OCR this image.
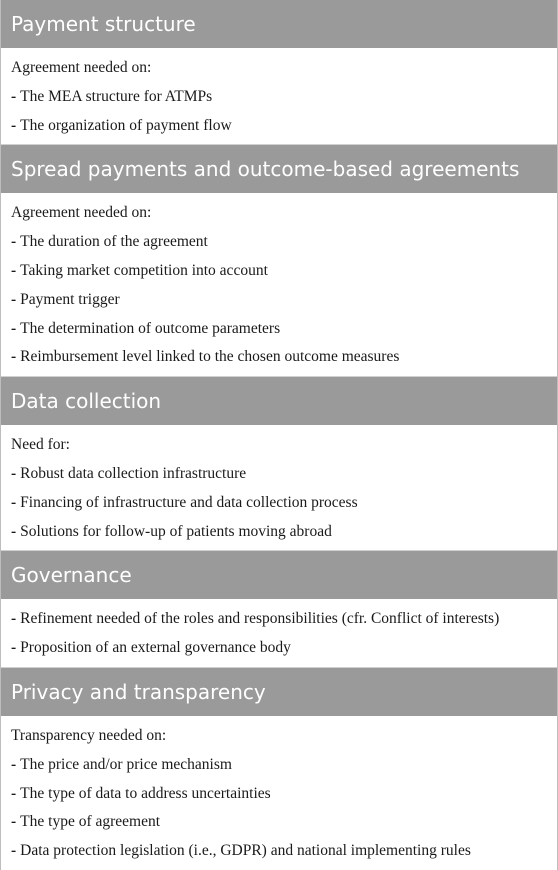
Payment structure
Agreement needed on:
- The MEA structure for ATMPs
- The organization of payment flow
Spread payments and outcome-based agreements
Agreement needed on:
- The duration of the agreement
- Taking market competition into account
- Payment trigger
- The determination of outcome parameters
- Reimbursement level linked to the chosen outcome measures
Data collection
Need for:
- Robust data collection infrastructure
- Financing of infrastructure and data collection process
- Solutions for follow-up of patients moving abroad
Governance
- Refinement needed of the roles and responsibilities (cfr. Conflict of interests)
- Proposition of an external governance body
Privacy and transparency
Transparency needed on:
- The price and/or price mechanism
- The type of data to address uncertainties
- The type of agreement
- Data protection legislation (i.e., GDPR) and national implementing rules
